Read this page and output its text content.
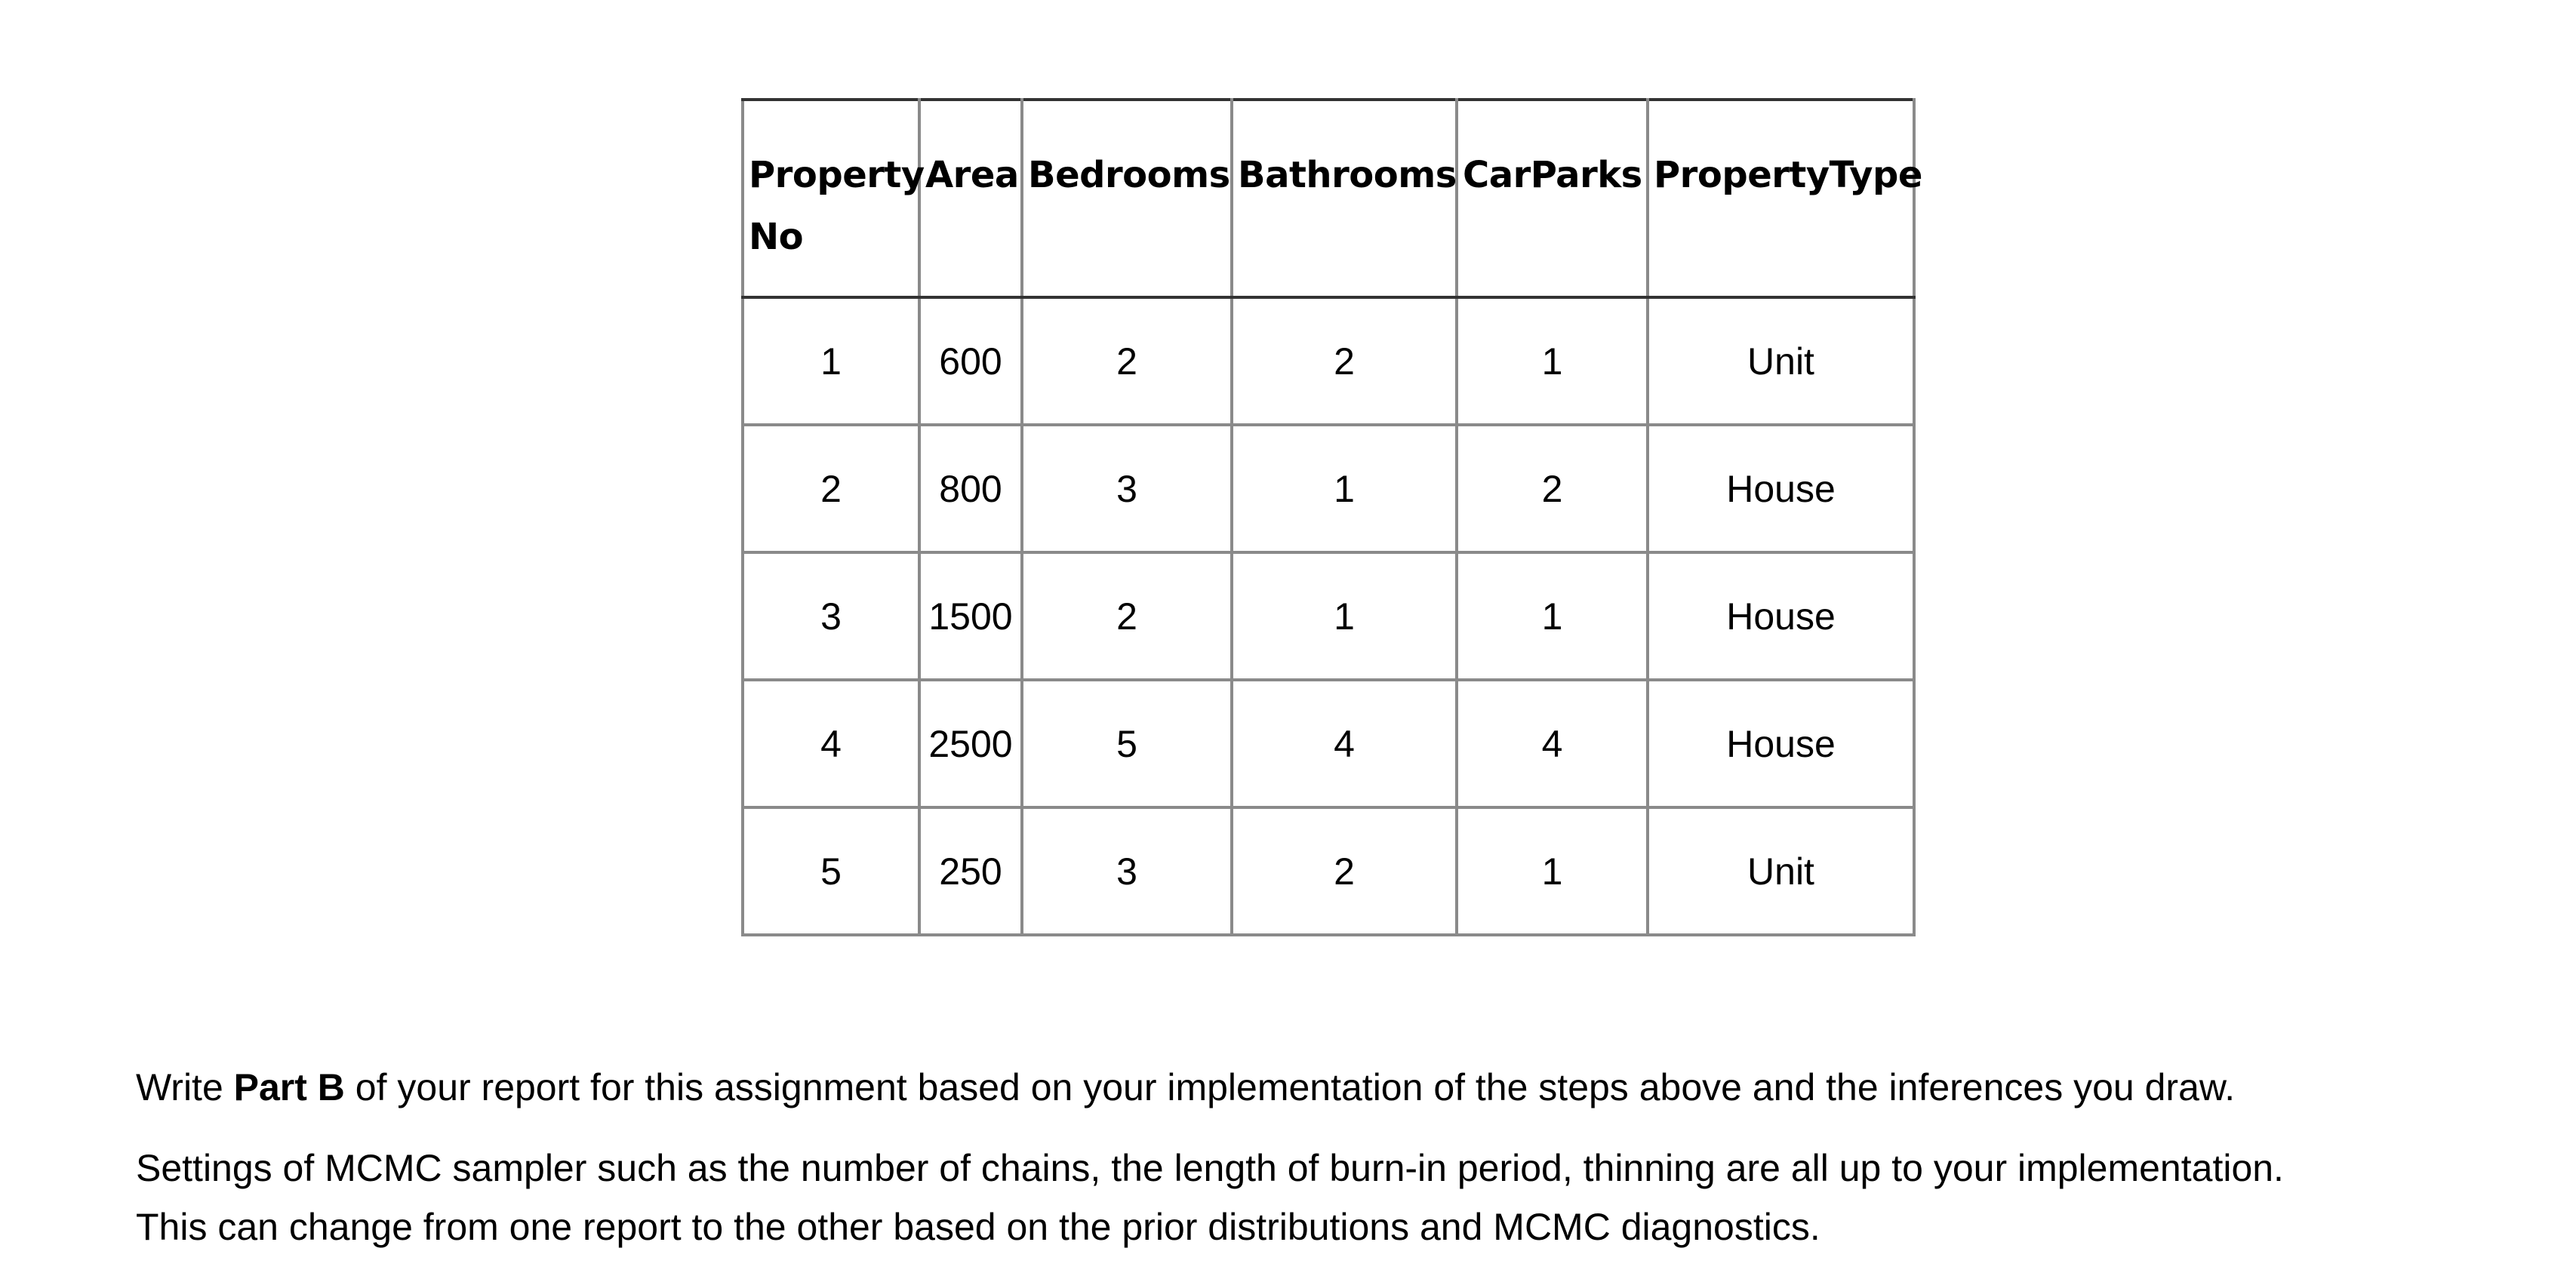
Property No	Area	Bedrooms	Bathrooms	CarParks	PropertyType
1	600	2	2	1	Unit
2	800	3	1	2	House
3	1500	2	1	1	House
4	2500	5	4	4	House
5	250	3	2	1	Unit

Write Part B of your report for this assignment based on your implementation of the steps above and the inferences you draw.

Settings of MCMC sampler such as the number of chains, the length of burn-in period, thinning are all up to your implementation.
This can change from one report to the other based on the prior distributions and MCMC diagnostics.
